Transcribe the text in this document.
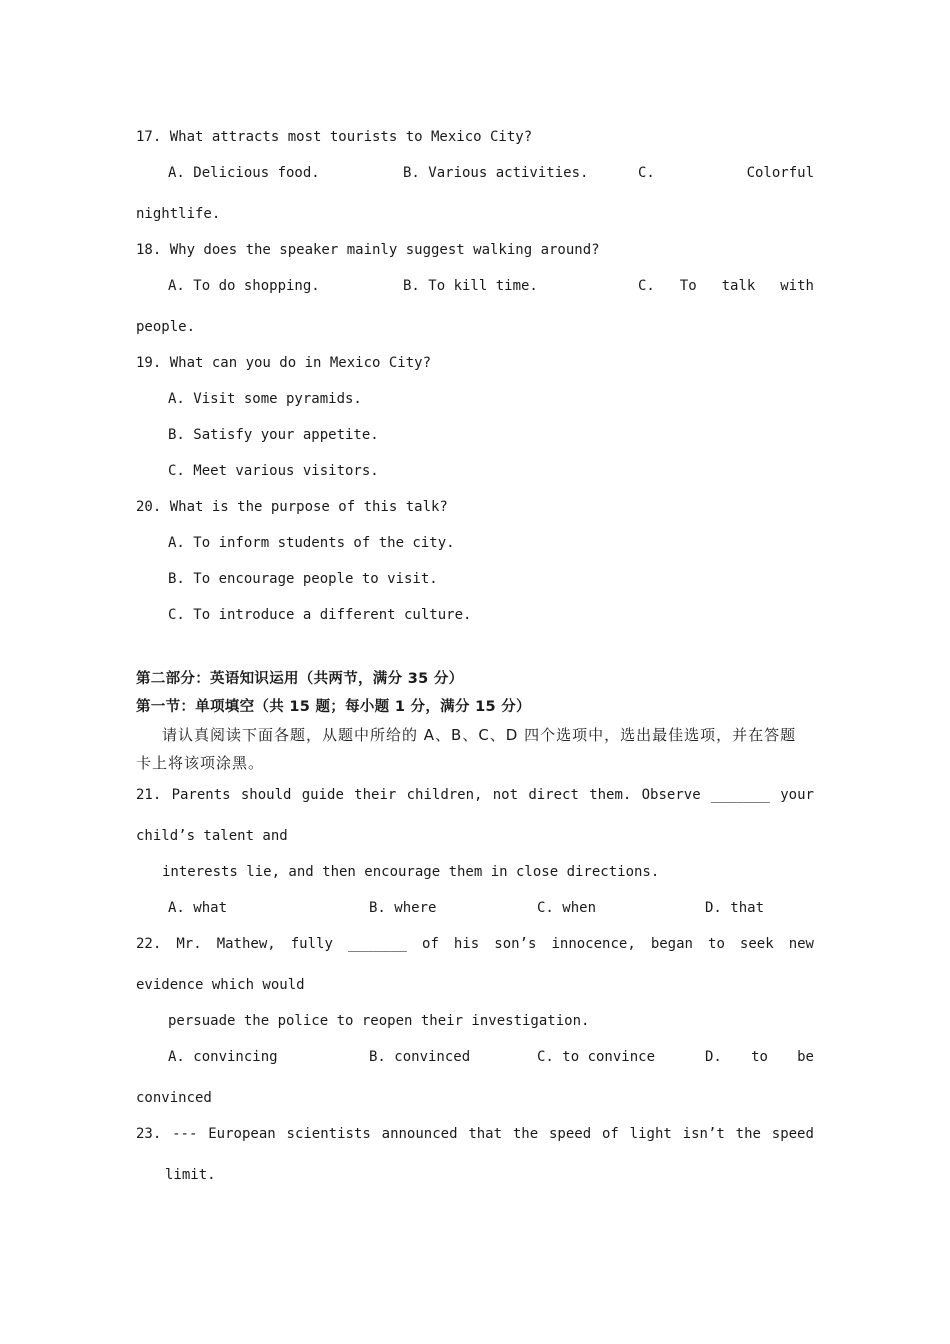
17. What attracts most tourists to Mexico City?
A. Delicious food.	B. Various activities.	C.	Colorful
nightlife.
18. Why does the speaker mainly suggest walking around?
A. To do shopping.	B. To kill time.	C. To talk with
people.
19. What can you do in Mexico City?
A. Visit some pyramids.
B. Satisfy your appetite.
C. Meet various visitors.
20. What is the purpose of this talk?
A. To inform students of the city.
B. To encourage people to visit.
C. To introduce a different culture.
第二部分：英语知识运用（共两节，满分 35 分）
第一节：单项填空（共 15 题；每小题 1 分，满分 15 分）
请认真阅读下面各题，从题中所给的 A、B、C、D 四个选项中，选出最佳选项，并在答题
卡上将该项涂黑。
21. Parents should guide their children, not direct them. Observe _______ your
child’s talent and
interests lie, and then encourage them in close directions.
A. what	B. where	C. when	D. that
22. Mr. Mathew, fully _______ of his son’s innocence, began to seek new
evidence which would
persuade the police to reopen their investigation.
A. convincing	B. convinced	C. to convince	D. to be
convinced
23. --- European scientists announced that the speed of light isn’t the speed
limit.
